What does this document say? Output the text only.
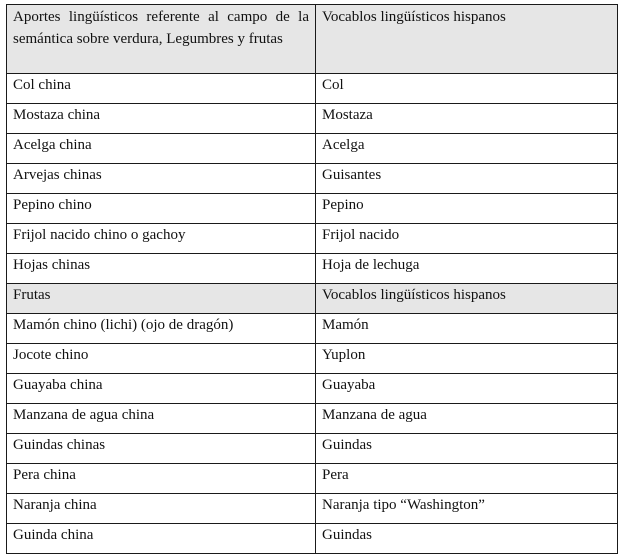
Aportes lingüísticos referente al campo de la semántica sobre verdura, Legumbres y frutas	Vocablos lingüísticos hispanos
Col china	Col
Mostaza china	Mostaza
Acelga china	Acelga
Arvejas chinas	Guisantes
Pepino chino	Pepino
Frijol nacido chino o gachoy	Frijol nacido
Hojas chinas	Hoja de lechuga
Frutas	Vocablos lingüísticos hispanos
Mamón chino (lichi) (ojo de dragón)	Mamón
Jocote chino	Yuplon
Guayaba china	Guayaba
Manzana de agua china	Manzana de agua
Guindas chinas	Guindas
Pera china	Pera
Naranja china	Naranja tipo “Washington”
Guinda china	Guindas
